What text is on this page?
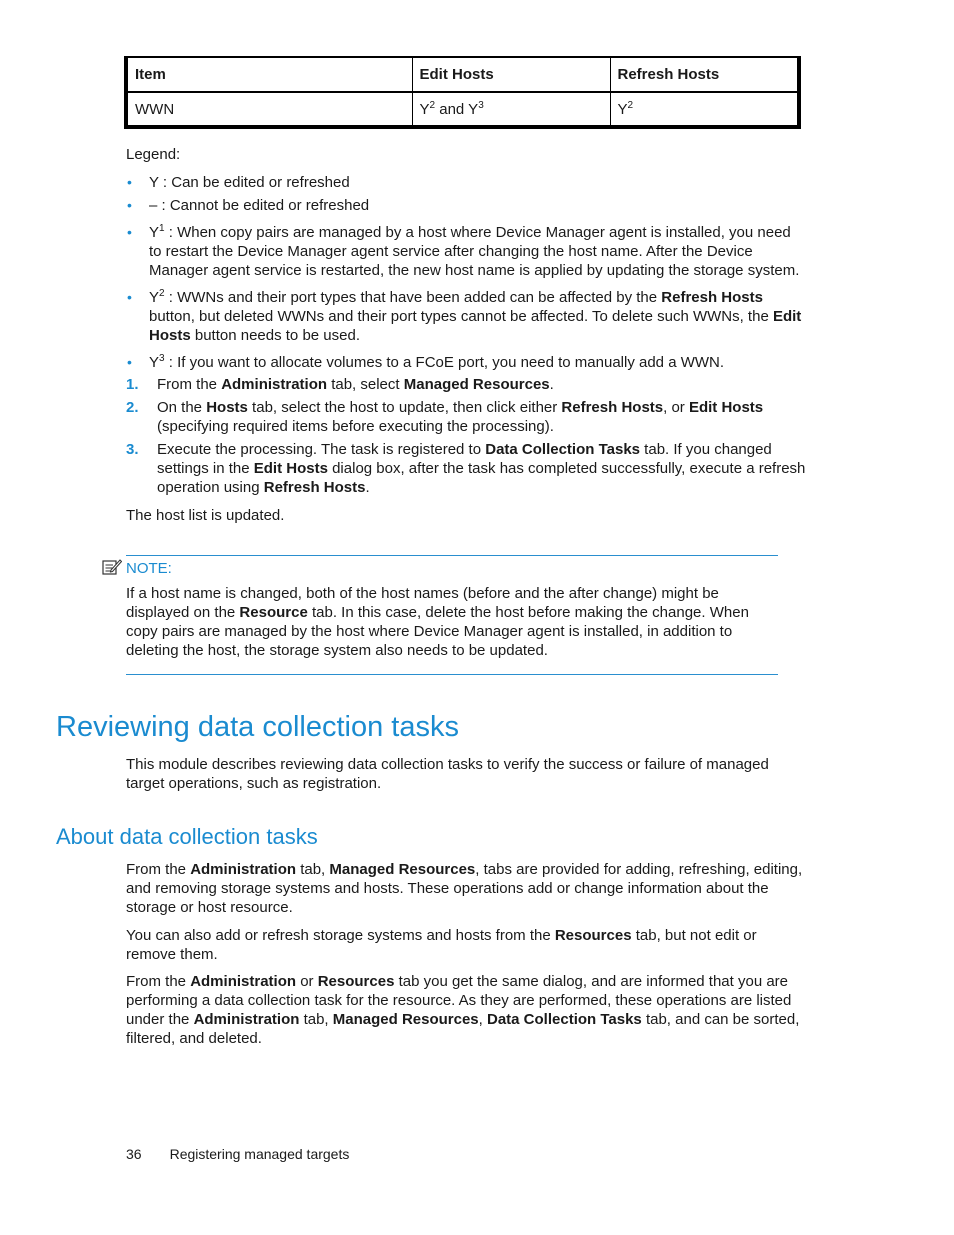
Item	Edit Hosts	Refresh Hosts
WWN	$Y^2$ and $Y^3$	$Y^2$
Legend:
• Y : Can be edited or refreshed
• – : Cannot be edited or refreshed
• $Y^1$ : When copy pairs are managed by a host where Device Manager agent is installed, you need to restart the Device Manager agent service after changing the host name. After the Device Manager agent service is restarted, the new host name is applied by updating the storage system.
• $Y^2$ : WWNs and their port types that have been added can be affected by the Refresh Hosts button, but deleted WWNs and their port types cannot be affected. To delete such WWNs, the Edit Hosts button needs to be used.
• $Y^3$ : If you want to allocate volumes to a FCoE port, you need to manually add a WWN.
1. From the Administration tab, select Managed Resources.
2. On the Hosts tab, select the host to update, then click either Refresh Hosts, or Edit Hosts (specifying required items before executing the processing).
3. Execute the processing. The task is registered to Data Collection Tasks tab. If you changed settings in the Edit Hosts dialog box, after the task has completed successfully, execute a refresh operation using Refresh Hosts.
The host list is updated.
NOTE:
If a host name is changed, both of the host names (before and the after change) might be displayed on the Resource tab. In this case, delete the host before making the change. When copy pairs are managed by the host where Device Manager agent is installed, in addition to deleting the host, the storage system also needs to be updated.
Reviewing data collection tasks
This module describes reviewing data collection tasks to verify the success or failure of managed target operations, such as registration.
About data collection tasks
From the Administration tab, Managed Resources, tabs are provided for adding, refreshing, editing, and removing storage systems and hosts. These operations add or change information about the storage or host resource.
You can also add or refresh storage systems and hosts from the Resources tab, but not edit or remove them.
From the Administration or Resources tab you get the same dialog, and are informed that you are performing a data collection task for the resource. As they are performed, these operations are listed under the Administration tab, Managed Resources, Data Collection Tasks tab, and can be sorted, filtered, and deleted.
36 Registering managed targets
